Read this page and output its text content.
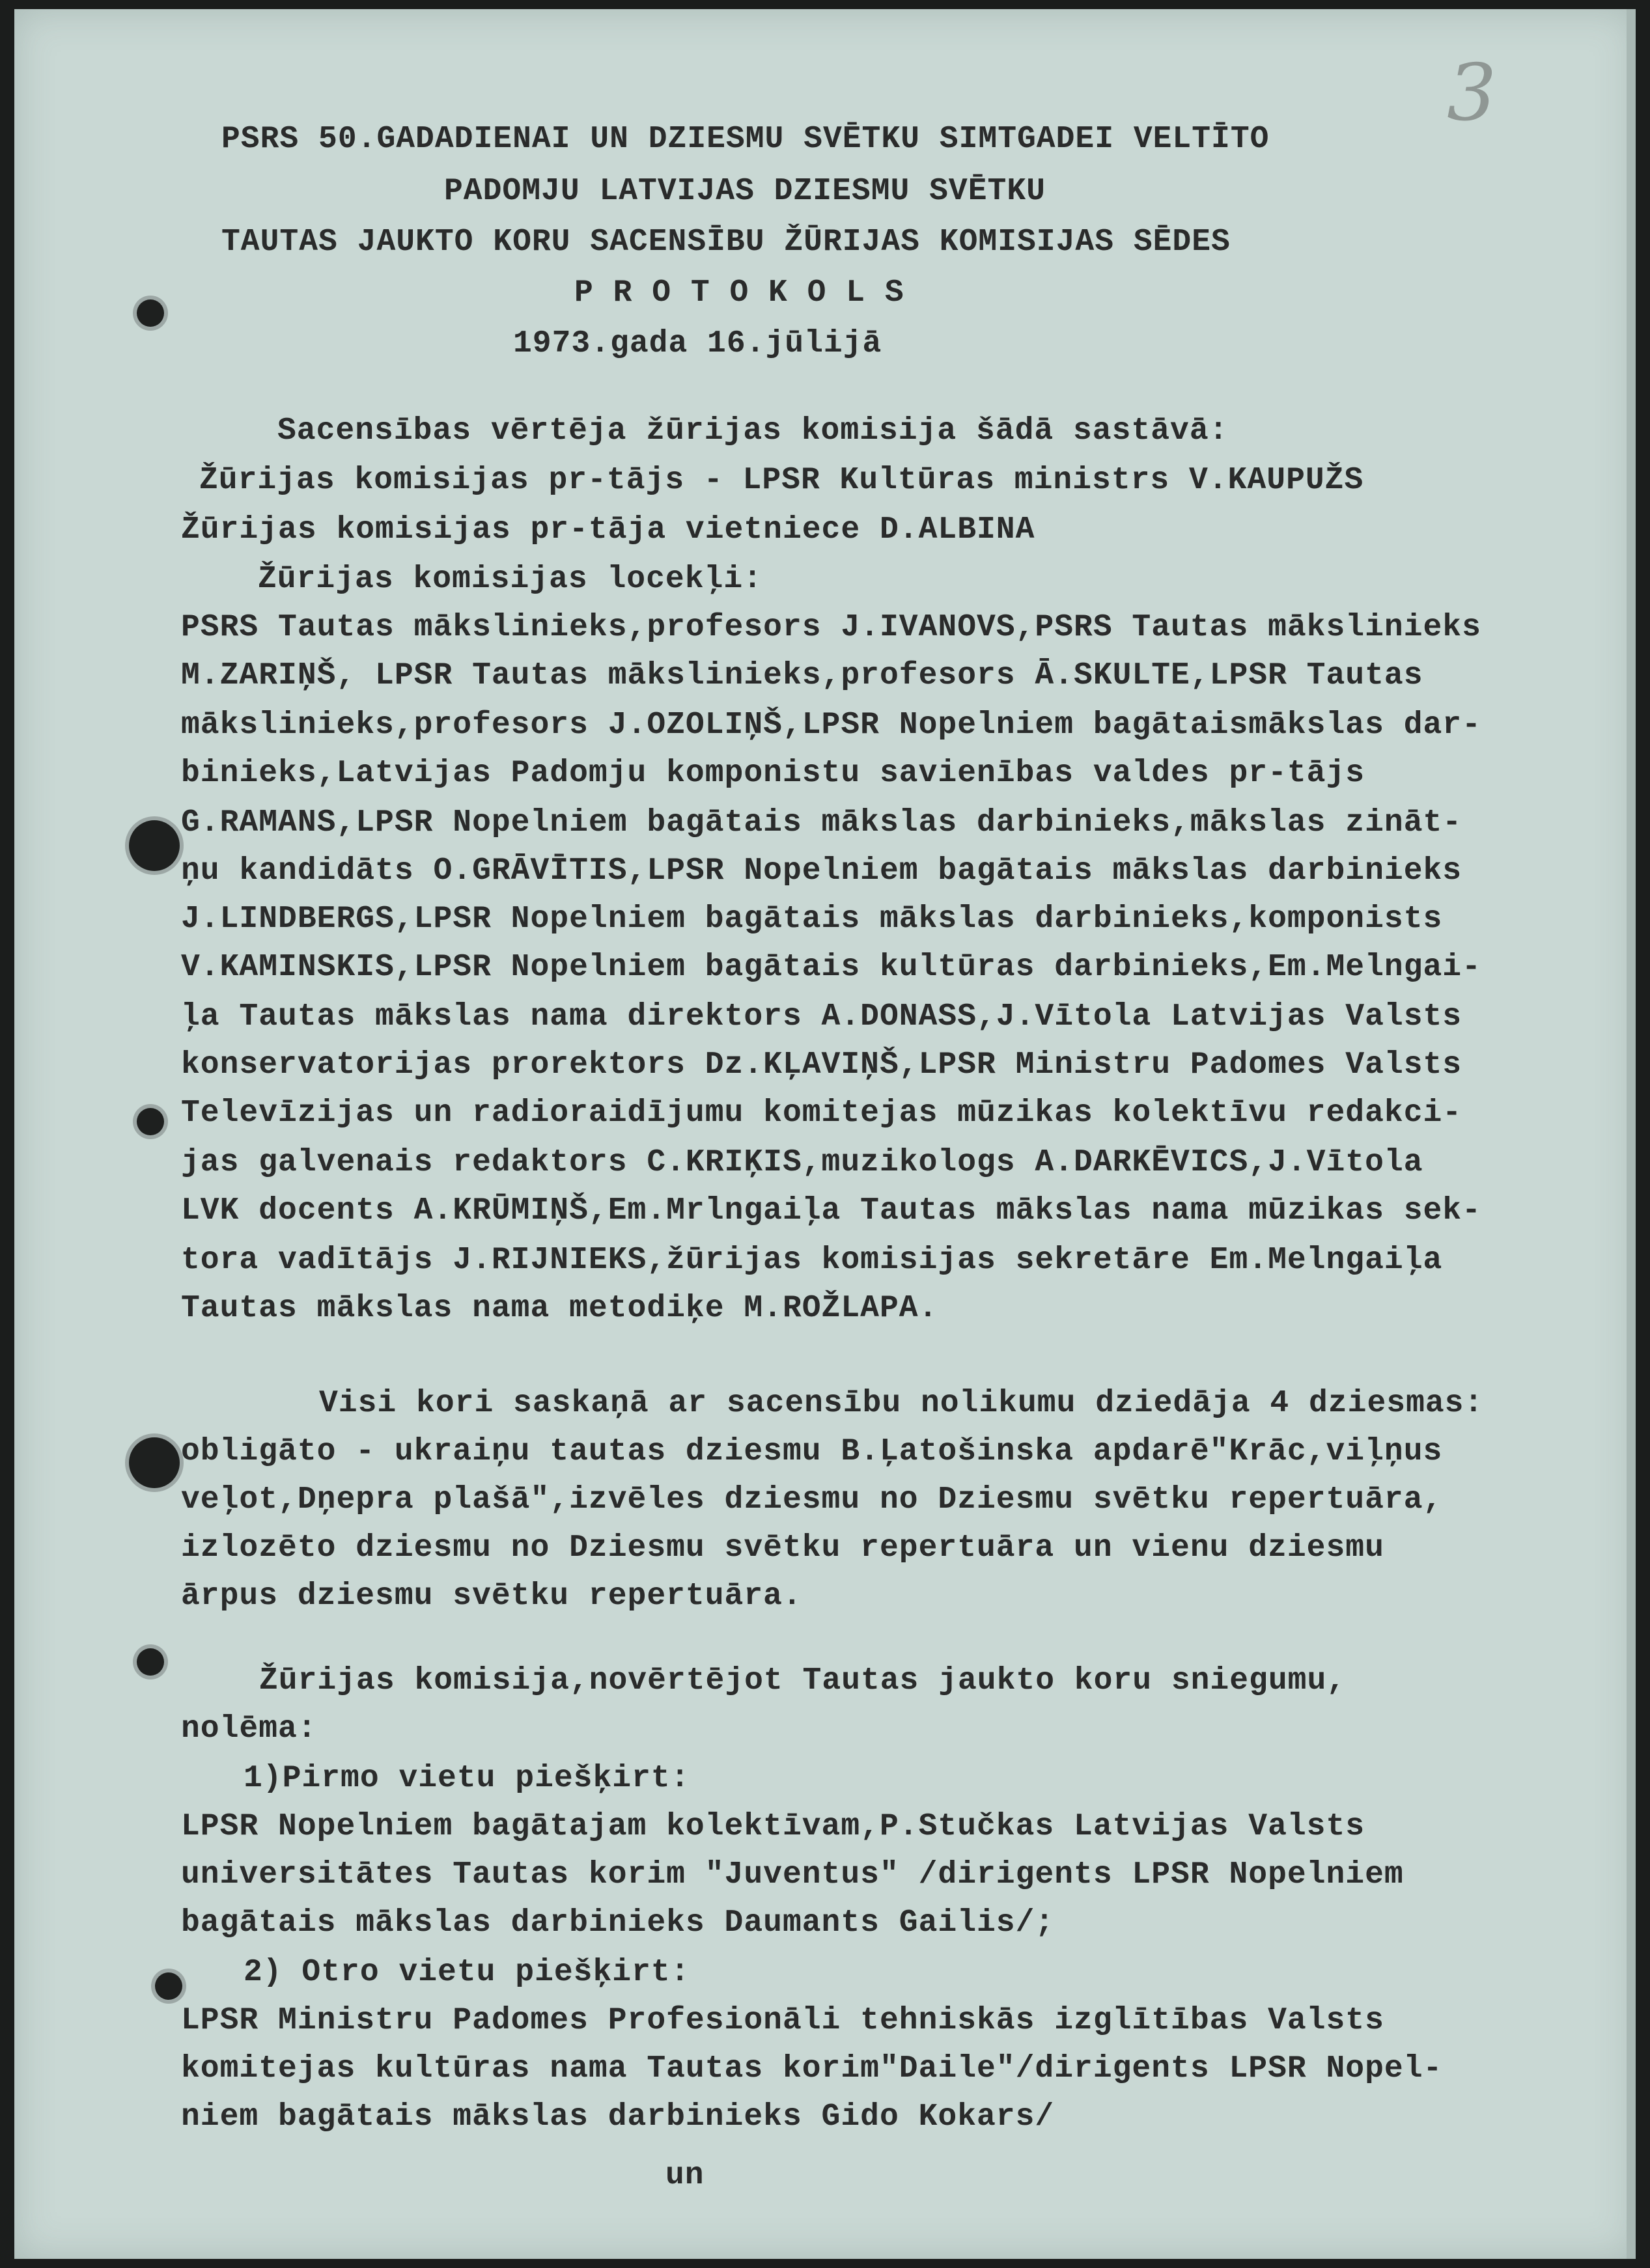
3
PSRS 50.GADADIENAI UN DZIESMU SVĒTKU SIMTGADEI VELTĪTO
PADOMJU LATVIJAS DZIESMU SVĒTKU
TAUTAS JAUKTO KORU SACENSĪBU ŽŪRIJAS KOMISIJAS SĒDES
P R O T O K O L S
1973.gada 16.jūlijā
Sacensības vērtēja žūrijas komisija šādā sastāvā:
Žūrijas komisijas pr-tājs - LPSR Kultūras ministrs V.KAUPUŽS
Žūrijas komisijas pr-tāja vietniece D.ALBINA
Žūrijas komisijas locekļi:
PSRS Tautas mākslinieks,profesors J.IVANOVS,PSRS Tautas mākslinieks
M.ZARIŅŠ, LPSR Tautas mākslinieks,profesors Ā.SKULTE,LPSR Tautas
mākslinieks,profesors J.OZOLIŅŠ,LPSR Nopelniem bagātaismākslas dar-
binieks,Latvijas Padomju komponistu savienības valdes pr-tājs
G.RAMANS,LPSR Nopelniem bagātais mākslas darbinieks,mākslas zināt-
ņu kandidāts O.GRĀVĪTIS,LPSR Nopelniem bagātais mākslas darbinieks
J.LINDBERGS,LPSR Nopelniem bagātais mākslas darbinieks,komponists
V.KAMINSKIS,LPSR Nopelniem bagātais kultūras darbinieks,Em.Melngai-
ļa Tautas mākslas nama direktors A.DONASS,J.Vītola Latvijas Valsts
konservatorijas prorektors Dz.KĻAVIŅŠ,LPSR Ministru Padomes Valsts
Televīzijas un radioraidījumu komitejas mūzikas kolektīvu redakci-
jas galvenais redaktors C.KRIĶIS,muzikologs A.DARKĒVICS,J.Vītola
LVK docents A.KRŪMIŅŠ,Em.Mrlngaiļa Tautas mākslas nama mūzikas sek-
tora vadītājs J.RIJNIEKS,žūrijas komisijas sekretāre Em.Melngaiļa
Tautas mākslas nama metodiķe M.ROŽLAPA.
Visi kori saskaņā ar sacensību nolikumu dziedāja 4 dziesmas:
obligāto - ukraiņu tautas dziesmu B.Ļatošinska apdarē"Krāc,viļņus
veļot,Dņepra plašā",izvēles dziesmu no Dziesmu svētku repertuāra,
izlozēto dziesmu no Dziesmu svētku repertuāra un vienu dziesmu
ārpus dziesmu svētku repertuāra.
Žūrijas komisija,novērtējot Tautas jaukto koru sniegumu,
nolēma:
1)Pirmo vietu piešķirt:
LPSR Nopelniem bagātajam kolektīvam,P.Stučkas Latvijas Valsts
universitātes Tautas korim "Juventus" /dirigents LPSR Nopelniem
bagātais mākslas darbinieks Daumants Gailis/;
2) Otro vietu piešķirt:
LPSR Ministru Padomes Profesionāli tehniskās izglītības Valsts
komitejas kultūras nama Tautas korim"Daile"/dirigents LPSR Nopel-
niem bagātais mākslas darbinieks Gido Kokars/
un
